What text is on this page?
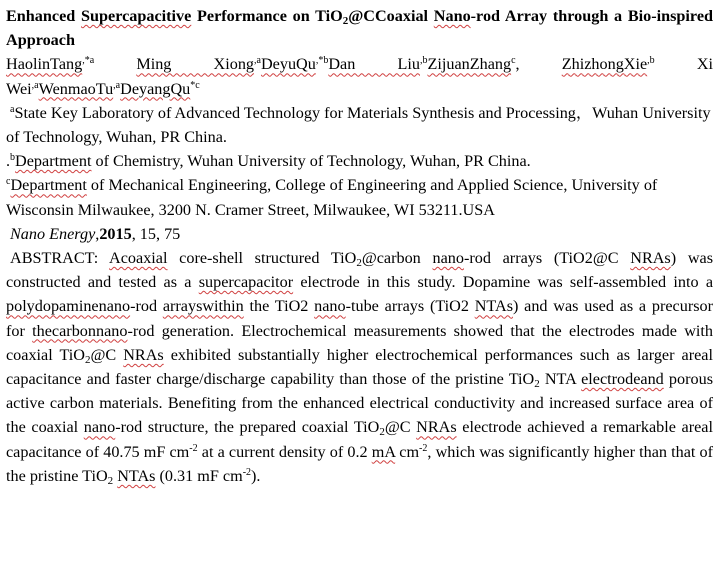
Enhanced Supercapacitive Performance on TiO$_2$@CCoaxial Nano-rod Array through a Bio-inspired Approach

HaolinTang$^{,*a}$	Ming Xiong$^{,a}$DeyuQu$^{,*b}$Dan Liu$^{,b}$ZijuanZhang$^c$,	ZhizhongXie$^{,b}$	Xi

Wei$^{,a}$WenmaoTu$^{,a}$DeyangQu$^{*c}$

$^a$State Key Laboratory of Advanced Technology for Materials Synthesis and Processing，Wuhan University of Technology, Wuhan, PR China.

.$^b$Department of Chemistry, Wuhan University of Technology, Wuhan, PR China.

$^c$Department of Mechanical Engineering, College of Engineering and Applied Science, University of Wisconsin Milwaukee, 3200 N. Cramer Street, Milwaukee, WI 53211.USA

Nano Energy,2015, 15, 75

ABSTRACT: Acoaxial core-shell structured TiO$_2$@carbon nano-rod arrays (TiO2@C NRAs) was constructed and tested as a supercapacitor electrode in this study. Dopamine was self-assembled into a polydopaminenano-rod arrayswithin the TiO2 nano-tube arrays (TiO2 NTAs) and was used as a precursor for thecarbonnano-rod generation. Electrochemical measurements showed that the electrodes made with coaxial TiO$_2$@C NRAs exhibited substantially higher electrochemical performances such as larger areal capacitance and faster charge/discharge capability than those of the pristine TiO$_2$ NTA electrodeand porous active carbon materials. Benefiting from the enhanced electrical conductivity and increased surface area of the coaxial nano-rod structure, the prepared coaxial TiO$_2$@C NRAs electrode achieved a remarkable areal capacitance of 40.75 mF $cm^{-2}$ at a current density of 0.2 mA $cm^{-2}$, which was significantly higher than that of the pristine TiO$_2$ NTAs (0.31 mF $cm^{-2}$).
